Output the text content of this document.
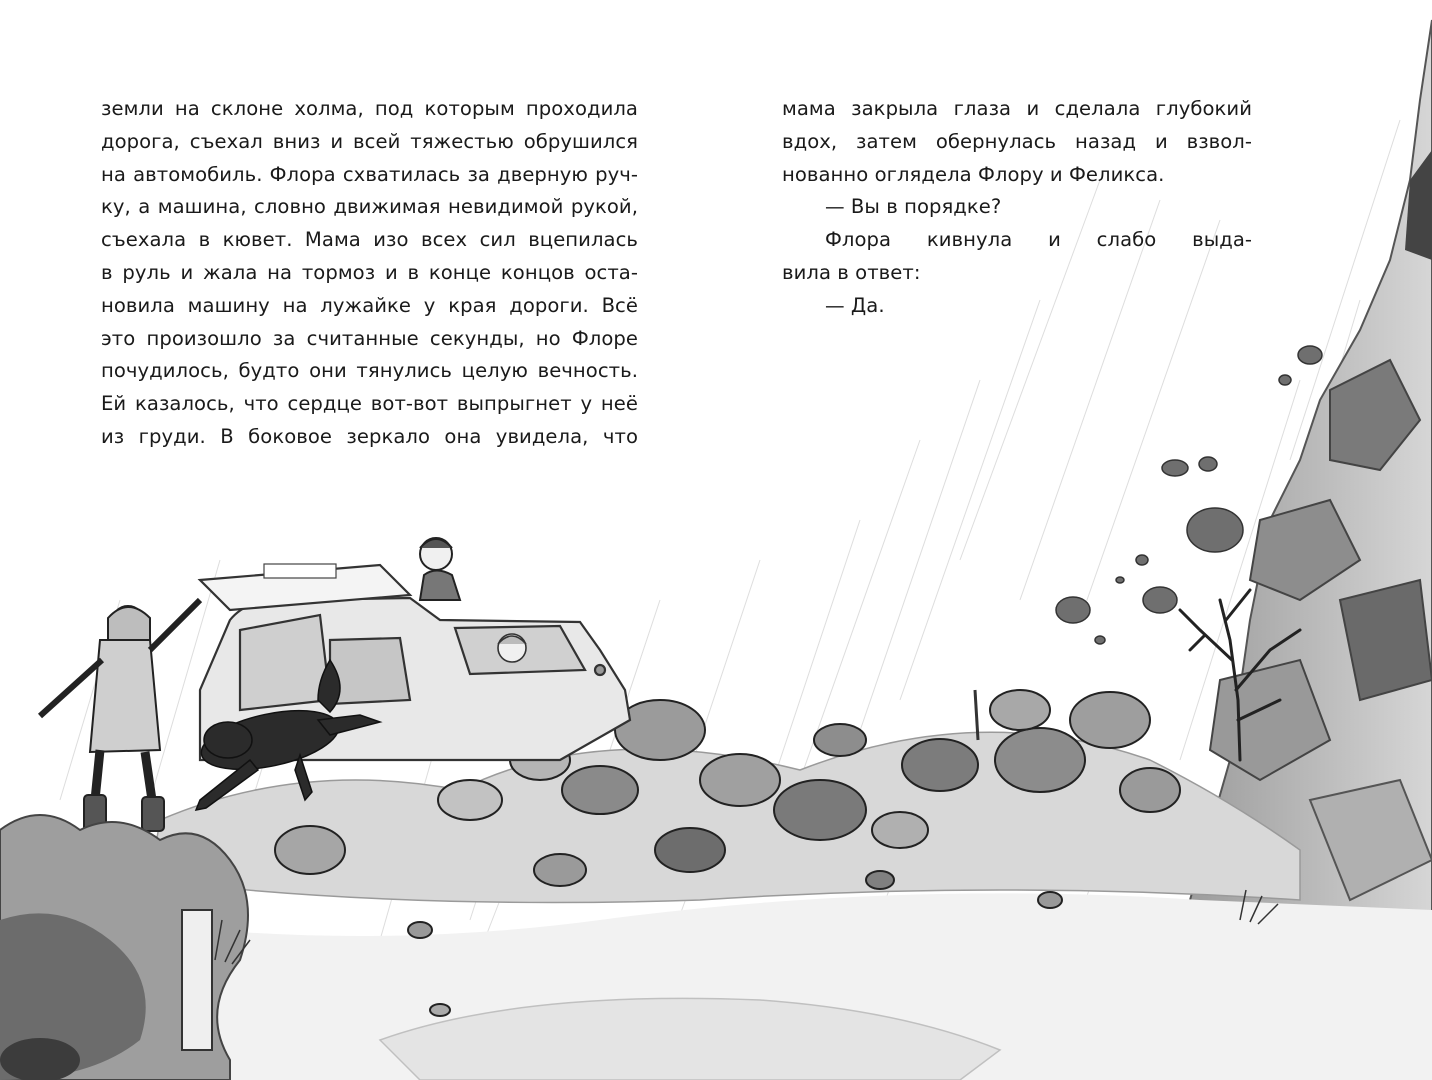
земли на склоне холма, под которым проходила
дорога, съехал вниз и всей тяжестью обрушился
на автомобиль. Флора схватилась за дверную руч-
ку, а машина, словно движимая невидимой рукой,
съехала в кювет. Мама изо всех сил вцепилась
в руль и жала на тормоз и в конце концов оста-
новила машину на лужайке у края дороги. Всё
это произошло за считанные секунды, но Флоре
почудилось, будто они тянулись целую вечность.
Ей казалось, что сердце вот-вот выпрыгнет у неё
из груди. В боковое зеркало она увидела, что
мама закрыла глаза и сделала глубокий
вдох, затем обернулась назад и взвол-
нованно оглядела Флору и Феликса.
— Вы в порядке?
Флора кивнула и слабо выда-
вила в ответ:
— Да.
